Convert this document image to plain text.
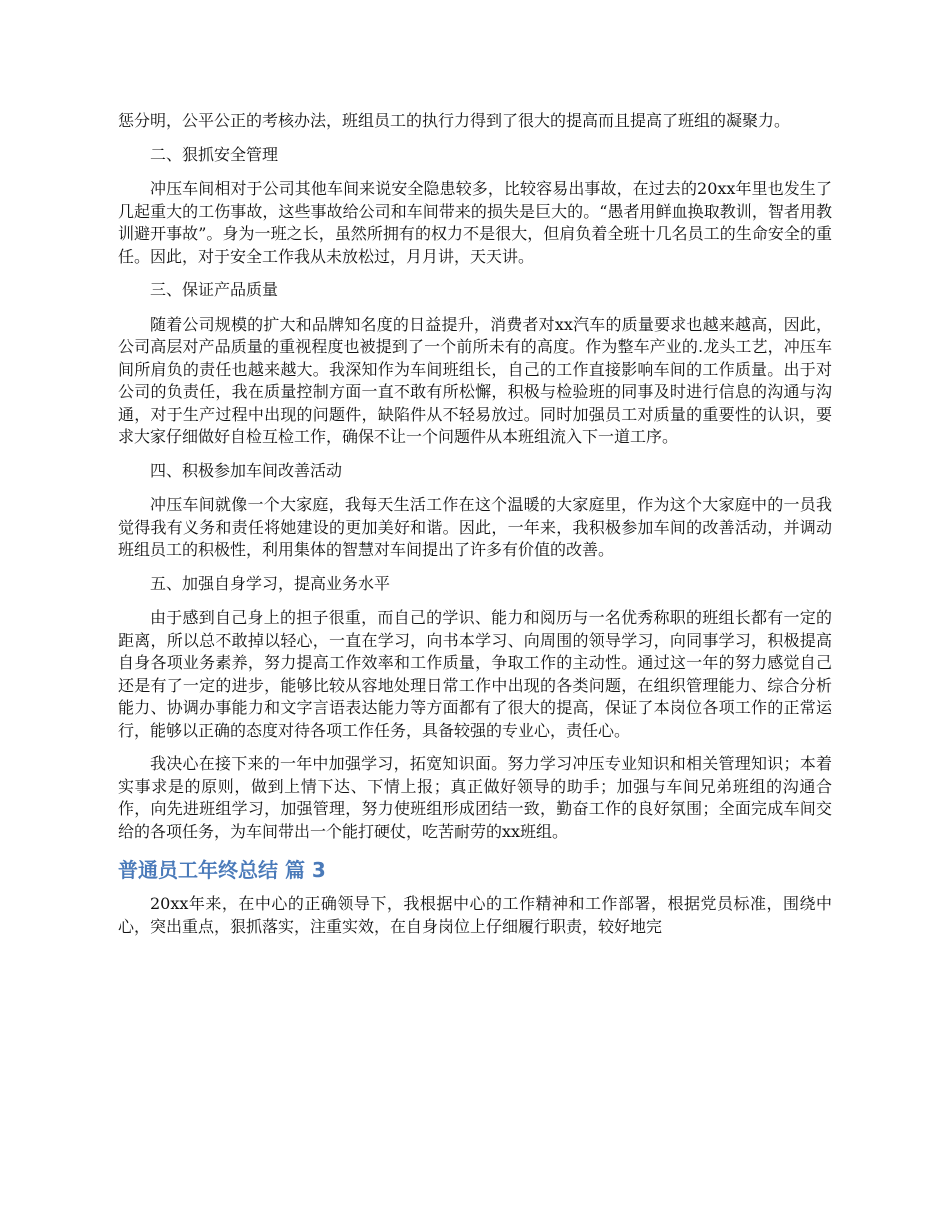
惩分明，公平公正的考核办法，班组员工的执行力得到了很大的提高而且提高了班组的凝聚力。

二、狠抓安全管理

冲压车间相对于公司其他车间来说安全隐患较多，比较容易出事故，在过去的20xx年里也发生了几起重大的工伤事故，这些事故给公司和车间带来的损失是巨大的。“愚者用鲜血换取教训，智者用教训避开事故”。身为一班之长，虽然所拥有的权力不是很大，但肩负着全班十几名员工的生命安全的重任。因此，对于安全工作我从未放松过，月月讲，天天讲。

三、保证产品质量

随着公司规模的扩大和品牌知名度的日益提升，消费者对xx汽车的质量要求也越来越高，因此，公司高层对产品质量的重视程度也被提到了一个前所未有的高度。作为整车产业的.龙头工艺，冲压车间所肩负的责任也越来越大。我深知作为车间班组长，自己的工作直接影响车间的工作质量。出于对公司的负责任，我在质量控制方面一直不敢有所松懈，积极与检验班的同事及时进行信息的沟通与沟通，对于生产过程中出现的问题件，缺陷件从不轻易放过。同时加强员工对质量的重要性的认识，要求大家仔细做好自检互检工作，确保不让一个问题件从本班组流入下一道工序。

四、积极参加车间改善活动

冲压车间就像一个大家庭，我每天生活工作在这个温暖的大家庭里，作为这个大家庭中的一员我觉得我有义务和责任将她建设的更加美好和谐。因此，一年来，我积极参加车间的改善活动，并调动班组员工的积极性，利用集体的智慧对车间提出了许多有价值的改善。

五、加强自身学习，提高业务水平

由于感到自己身上的担子很重，而自己的学识、能力和阅历与一名优秀称职的班组长都有一定的距离，所以总不敢掉以轻心，一直在学习，向书本学习、向周围的领导学习，向同事学习，积极提高自身各项业务素养，努力提高工作效率和工作质量，争取工作的主动性。通过这一年的努力感觉自己还是有了一定的进步，能够比较从容地处理日常工作中出现的各类问题，在组织管理能力、综合分析能力、协调办事能力和文字言语表达能力等方面都有了很大的提高，保证了本岗位各项工作的正常运行，能够以正确的态度对待各项工作任务，具备较强的专业心，责任心。

我决心在接下来的一年中加强学习，拓宽知识面。努力学习冲压专业知识和相关管理知识；本着实事求是的原则，做到上情下达、下情上报；真正做好领导的助手；加强与车间兄弟班组的沟通合作，向先进班组学习，加强管理，努力使班组形成团结一致，勤奋工作的良好氛围；全面完成车间交给的各项任务，为车间带出一个能打硬仗，吃苦耐劳的xx班组。

普通员工年终总结 篇 3

20xx年来，在中心的正确领导下，我根据中心的工作精神和工作部署，根据党员标准，围绕中心，突出重点，狠抓落实，注重实效，在自身岗位上仔细履行职责，较好地完
